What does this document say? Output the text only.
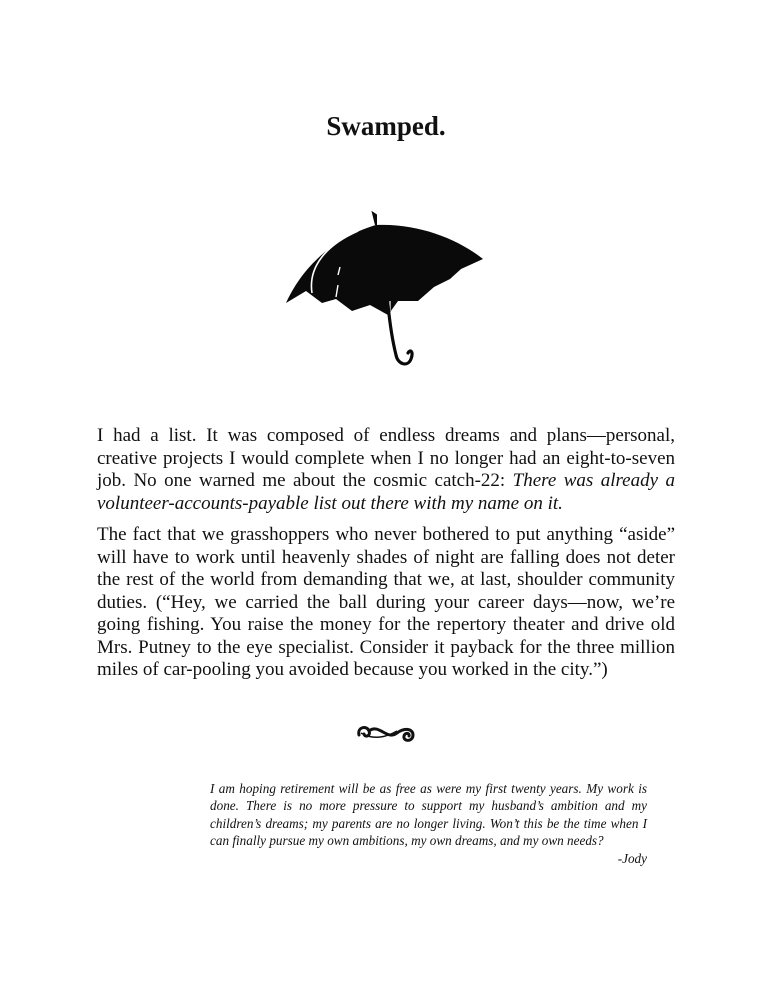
Swamped.

I had a list. It was composed of endless dreams and plans—personal, creative projects I would complete when I no longer had an eight-to-seven job. No one warned me about the cosmic catch-22: There was already a volunteer-accounts-payable list out there with my name on it.

The fact that we grasshoppers who never bothered to put anything “aside” will have to work until heavenly shades of night are falling does not deter the rest of the world from demanding that we, at last, shoulder community duties. (“Hey, we carried the ball during your career days—now, we’re going fishing. You raise the money for the repertory theater and drive old Mrs. Putney to the eye specialist. Consider it payback for the three million miles of car-pooling you avoided because you worked in the city.”)

I am hoping retirement will be as free as were my first twenty years. My work is done. There is no more pressure to support my husband’s ambition and my children’s dreams; my parents are no longer living. Won’t this be the time when I can finally pursue my own ambitions, my own dreams, and my own needs?

-Jody
